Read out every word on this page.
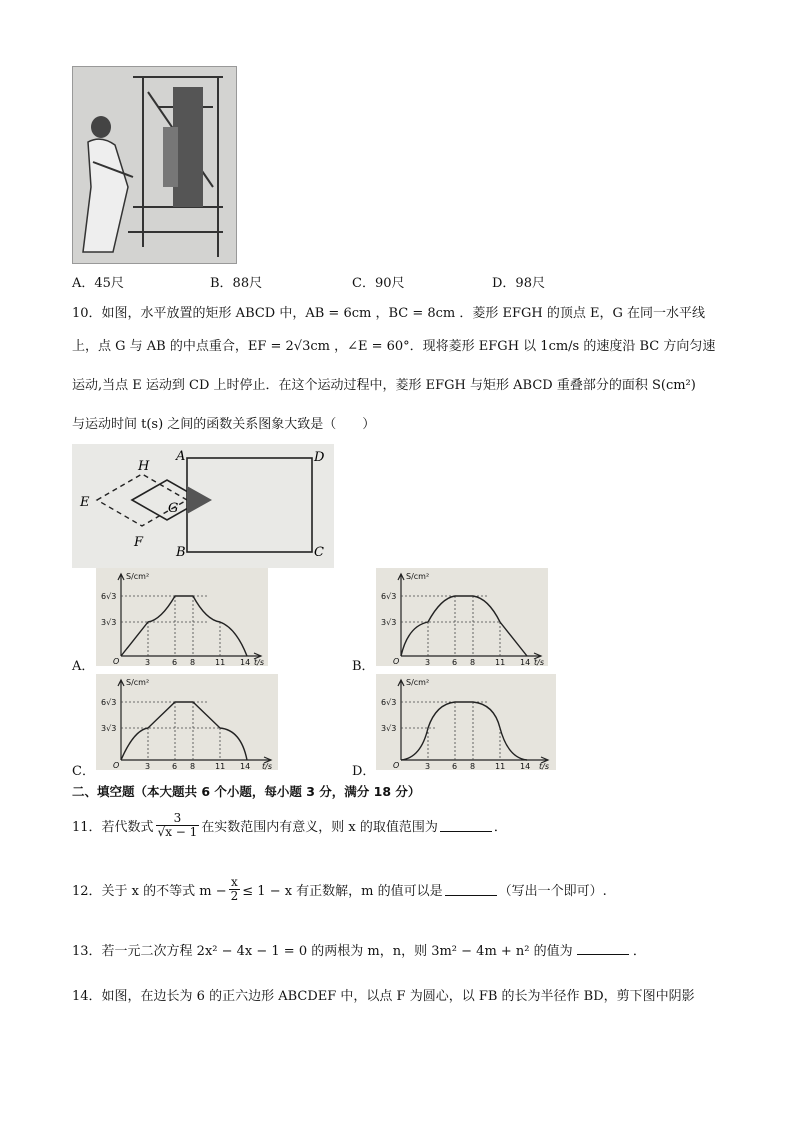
A．45尺	B．88尺	C．90尺	D．98尺
10．如图，水平放置的矩形 ABCD 中，AB = 6cm ，BC = 8cm ．菱形 EFGH 的顶点 E，G 在同一水平线
上，点 G 与 AB 的中点重合，EF = 2√3cm ，∠E = 60°．现将菱形 EFGH 以 1cm/s 的速度沿 BC 方向匀速
运动,当点 E 运动到 CD 上时停止．在这个运动过程中，菱形 EFGH 与矩形 ABCD 重叠部分的面积 S(cm²)
与运动时间 t(s) 之间的函数关系图象大致是（　　）
A	D
B	C
E
H
F
G
A．	B．
C．	D．
S/cm²
6√3
3√3
O	3	6 8 11 14 t/s
S/cm²
6√3
3√3
O	3	6 8 11 14 t/s
S/cm²
6√3
3√3
O	3	6 8 11 14 t/s
S/cm²
6√3
3√3
O	3	6 8 11 14 t/s
二、填空题（本大题共 6 个小题，每小题 3 分，满分 18 分）
11．若代数式 $\frac{3}{√x - 1}$ 在实数范围内有意义，则 x 的取值范围为	．
12．关于 x 的不等式 $m - \frac{x}{2} \le 1 - x$ 有正数解，m 的值可以是	（写出一个即可）.
13．若一元二次方程 2x² − 4x − 1 = 0 的两根为 m，n，则 3m² − 4m + n² 的值为	．
14．如图，在边长为 6 的正六边形 ABCDEF 中，以点 F 为圆心，以 FB 的长为半径作 BD，剪下图中阴影
